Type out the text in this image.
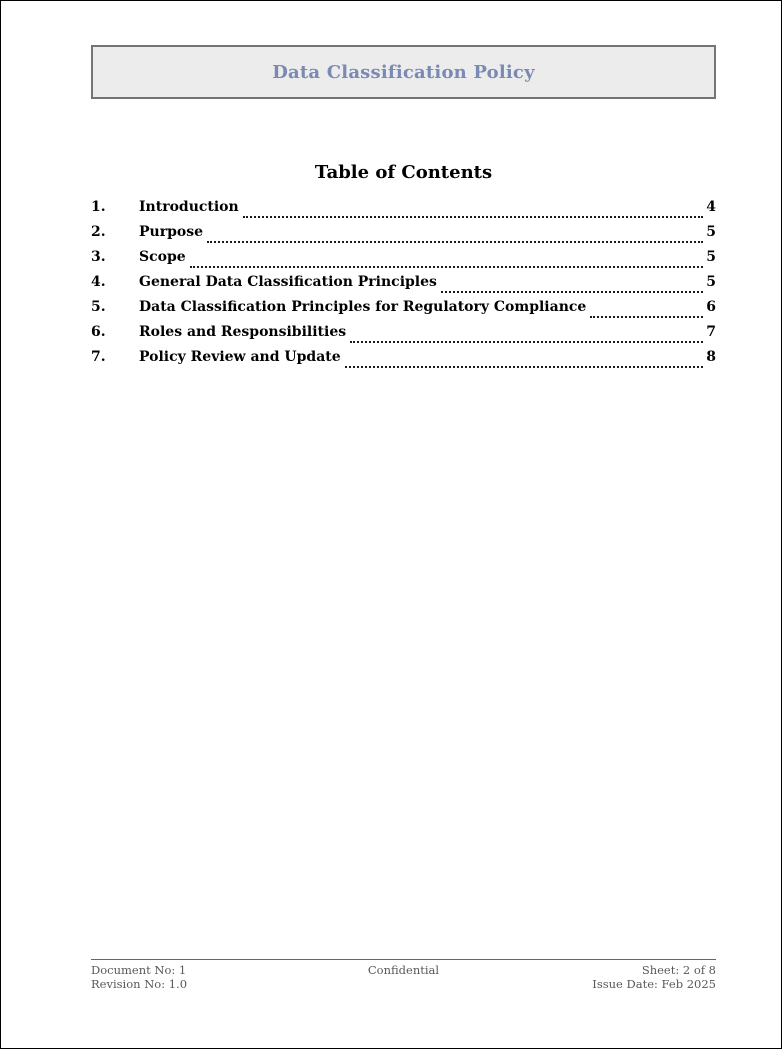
Data Classification Policy
Table of Contents
1.	Introduction	4
2.	Purpose	5
3.	Scope	5
4.	General Data Classification Principles	5
5.	Data Classification Principles for Regulatory Compliance	6
6.	Roles and Responsibilities	7
7.	Policy Review and Update	8
Document No: 1
Revision No: 1.0
Confidential	Sheet: 2 of 8
Issue Date: Feb 2025
